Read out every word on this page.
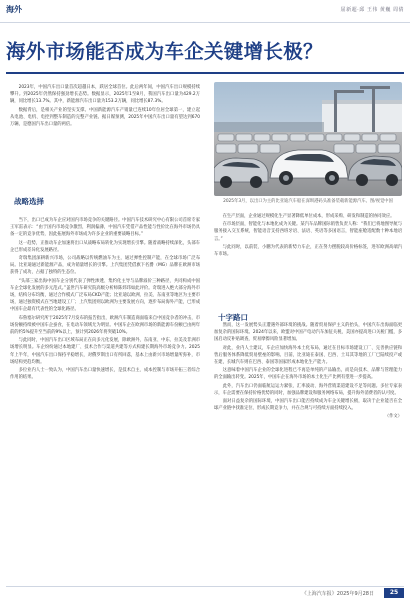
海外	屈新超·邱 王伟 黄巍 周倩
海外市场能否成为车企关键增长极？

2023年，中国汽车出口量首次超越日本，跃居全球首位。此后两年间，中国汽车出口规模持续攀升。到2025年仍然保持强劲增长态势。数据显示，2025年1至8月，我国汽车出口量为429.2万辆，同比增长13.7%。其中，新能源汽车出口量为153.2万辆，同比增长87.3%。

数据背后，是相关产业的坚实支撑。中国新能源汽车产销量已连续10年位居全球第一，建立起从电池、电机、电控到整车制造的完整产业链。据日媒预测，2025年中国汽车出口量有望达到670万辆，是德国汽车出口量的两倍。

战略选择

当下，出口已成为车企应对国内市场竞争的关键路径。中国汽车技术研究中心有限公司首席专家王军雷表示：“由于国内市场竞争激烈，利润偏薄，中国汽车凭借产品性能与性价比在海外市场仍具备一定的竞争优势，因此拓展海外市场成为许多企业的重要战略目标。”

这一趋势，正推动车企加速将出口从战略布局转化为实现增长引擎。随着战略持续深化，头部车企已形成差异化发展路径。

奇瑞集团深耕新兴市场，公司战略以传统燃油车为主，通过弹性控制产能，在全球市场广泛布局。比亚迪通过新能源产品，成为销量增长的引擎。上汽集团凭借旗下名爵（MG）品牌在欧洲市场获得了成功，占据了独特的生态位。

“头部三家出海中国车企分别代表了弹性渗透、集约化主导与品牌溢价三种路径，共同构成中国车企全球化发展的多元范式。”盖世汽车研究院高级分析师陈炜玮如此评价。奇瑞进入绝大部分海外市场，结构分布均衡，通过合作模式广泛布局CKD产能；比亚迪以欧洲、拉美、东南亚等地区为主要市场，通过独资模式在当地建设工厂；上汽集团则以欧洲为主要发展方向，逐步布局海外产能，已形成中国车企最有代表性的全球化路径。

布鲁塞尔研究所于2025年7月发布的报告指出，欧洲汽车制造商面临来自中国竞争者的冲击，市场份额持续被中国车企蚕食，在电动车领域尤为明显。中国车企在欧洲市场的新能源车份额已由两年前的约5%提升至当前的9%以上，预计到2026年将突破10%。

与此同时，中国汽车出口区域布局正在向多元化发展，除欧洲外，东南亚、中东、拉美及非洲市场增长明显。车企纷纷通过本地建厂、技术合作与渠道共建等方式构建长期海外市场竞争力。2025年上半年，中国汽车出口保持平稳增长，对俄罗斯出口有所回落，基本上由新兴市场增量所弥补，市场结构更趋均衡。

多位业内人士一致认为，中国汽车出口量快速增长，是技术自主、成本控制与市场开拓三者综合作用的结果。

2025年3月，以出口为主的比亚迪汽车船在深圳港码头准备装载新能源汽车。图/视觉中国

在生产层面，企业通过规模化生产显著降低单位成本，形成采购、研发和制造的协同效应。

在市场层面，智能化与本地化成为关键。某汽车品牌国际销售负责人称：“我们已将地图导航与服务接入交互系统，智能语音支持西班牙语、法语、英语等多国语言，智能座舱适配数十种本地语言。”

与此同时，以前装、小鹏为代表的新势力车企，正在努力摆脱较高价格标签，进军欧洲高端汽车市场。

十字路口

然而，这一发展势头正遭遇外部环境的挑战。随着贸易保护主义的抬头，中国汽车出海面临更加复杂的国际环境。2024年以来，欧盟对中国产电动汽车加征关税，美国亦提高进口关税门槛，多国启动反补贴调查，贸易摩擦风险显著增加。

对此，业内人士建议，车企应加快海外本土化布局，通过在目标市场建设工厂、完善供应链和售后服务体系降低贸易壁垒的影响。目前，比亚迪在泰国、巴西、土耳其等地的工厂已陆续投产或在建，长城汽车则在巴西、泰国等国家形成本地化生产能力。

这意味着中国汽车企业的全球化进程已不再是单纯的产品输出，而是向技术、品牌与管理能力的全面输出转变。2025年，中国车企在海外市场的本土化生产比例有望进一步提高。

此外，汽车出口仍面临航运运力紧张、汇率波动、海外营销渠道建设不足等问题。多位专家表示，车企需要在保持价格优势的同时，加强品牌建设和服务网络布局，提升海外消费者的认可度。

面对日益复杂的国际环境，中国汽车出口能否持续成为车企关键增长极，取决于企业能否在全球产业链中找准定位、形成长期竞争力，并在合规与可持续方面持续投入。

（作文）

《上海汽车报》2025年9月28日	25
